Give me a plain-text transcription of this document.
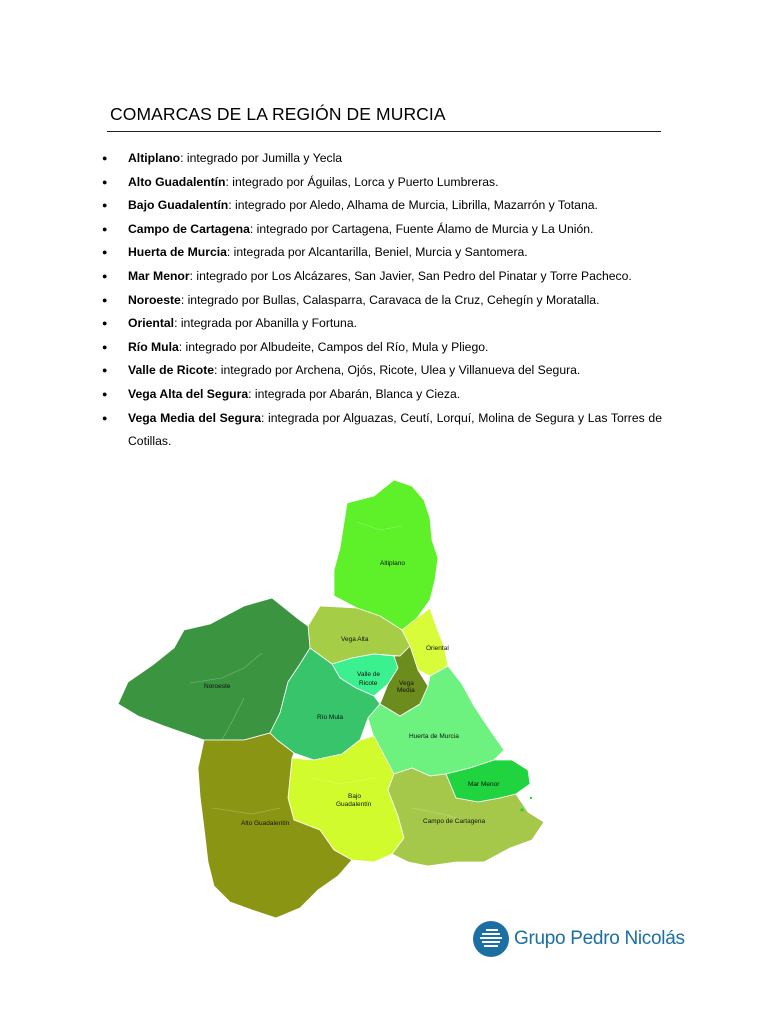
COMARCAS DE LA REGIÓN DE MURCIA
● Altiplano: integrado por Jumilla y Yecla
● Alto Guadalentín: integrado por Águilas, Lorca y Puerto Lumbreras.
● Bajo Guadalentín: integrado por Aledo, Alhama de Murcia, Librilla, Mazarrón y Totana.
● Campo de Cartagena: integrado por Cartagena, Fuente Álamo de Murcia y La Unión.
● Huerta de Murcia: integrada por Alcantarilla, Beniel, Murcia y Santomera.
● Mar Menor: integrado por Los Alcázares, San Javier, San Pedro del Pinatar y Torre Pacheco.
● Noroeste: integrado por Bullas, Calasparra, Caravaca de la Cruz, Cehegín y Moratalla.
● Oriental: integrada por Abanilla y Fortuna.
● Río Mula: integrado por Albudeite, Campos del Río, Mula y Pliego.
● Valle de Ricote: integrado por Archena, Ojós, Ricote, Ulea y Villanueva del Segura.
● Vega Alta del Segura: integrada por Abarán, Blanca y Cieza.
● Vega Media del Segura: integrada por Alguazas, Ceutí, Lorquí, Molina de Segura y Las Torres de Cotillas.
Altiplano
Vega Alta
Oriental
Noroeste
Valle de
Ricote	Vega
Media
Río Mula
Huerta de Murcia
Mar Menor
Bajo
Guadalentín
Alto Guadalentín	Campo de Cartagena
Grupo Pedro Nicolás
